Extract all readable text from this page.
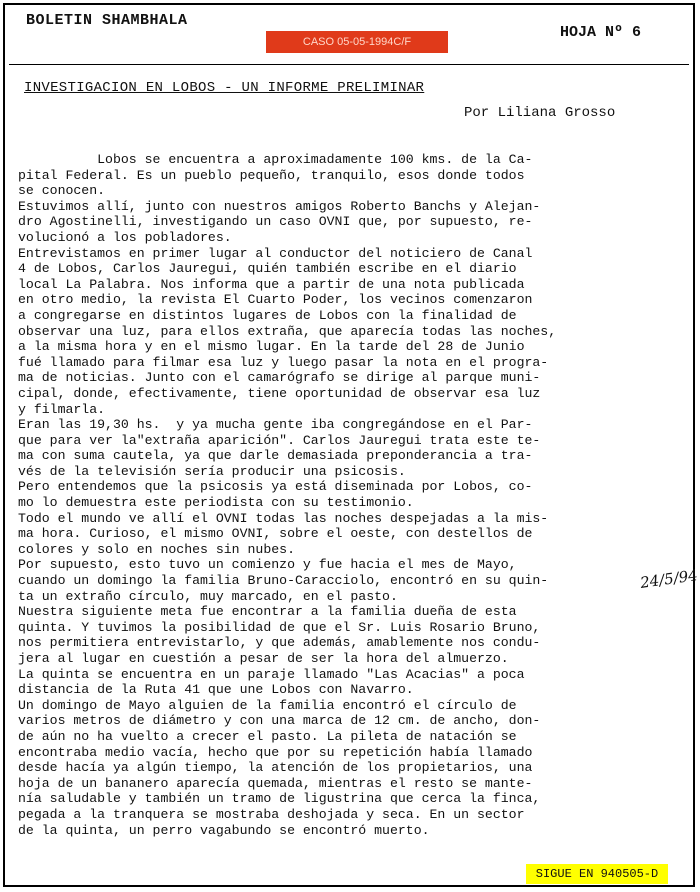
BOLETIN SHAMBHALA
CASO 05-05-1994C/F
HOJA Nº 6
INVESTIGACION EN LOBOS - UN INFORME PRELIMINAR
Por Liliana Grosso
Lobos se encuentra a aproximadamente 100 kms. de la Ca-
pital Federal. Es un pueblo pequeño, tranquilo, esos donde todos
se conocen.
Estuvimos allí, junto con nuestros amigos Roberto Banchs y Alejan-
dro Agostinelli, investigando un caso OVNI que, por supuesto, re-
volucionó a los pobladores.
Entrevistamos en primer lugar al conductor del noticiero de Canal
4 de Lobos, Carlos Jauregui, quién también escribe en el diario
local La Palabra. Nos informa que a partir de una nota publicada
en otro medio, la revista El Cuarto Poder, los vecinos comenzaron
a congregarse en distintos lugares de Lobos con la finalidad de
observar una luz, para ellos extraña, que aparecía todas las noches,
a la misma hora y en el mismo lugar. En la tarde del 28 de Junio
fué llamado para filmar esa luz y luego pasar la nota en el progra-
ma de noticias. Junto con el camarógrafo se dirige al parque muni-
cipal, donde, efectivamente, tiene oportunidad de observar esa luz
y filmarla.
Eran las 19,30 hs.  y ya mucha gente iba congregándose en el Par-
que para ver la"extraña aparición". Carlos Jauregui trata este te-
ma con suma cautela, ya que darle demasiada preponderancia a tra-
vés de la televisión sería producir una psicosis.
Pero entendemos que la psicosis ya está diseminada por Lobos, co-
mo lo demuestra este periodista con su testimonio.
Todo el mundo ve allí el OVNI todas las noches despejadas a la mis-
ma hora. Curioso, el mismo OVNI, sobre el oeste, con destellos de
colores y solo en noches sin nubes.
Por supuesto, esto tuvo un comienzo y fue hacia el mes de Mayo,
cuando un domingo la familia Bruno-Caracciolo, encontró en su quin-
ta un extraño círculo, muy marcado, en el pasto.
Nuestra siguiente meta fue encontrar a la familia dueña de esta
quinta. Y tuvimos la posibilidad de que el Sr. Luis Rosario Bruno,
nos permitiera entrevistarlo, y que además, amablemente nos condu-
jera al lugar en cuestión a pesar de ser la hora del almuerzo.
La quinta se encuentra en un paraje llamado "Las Acacias" a poca
distancia de la Ruta 41 que une Lobos con Navarro.
Un domingo de Mayo alguien de la familia encontró el círculo de
varios metros de diámetro y con una marca de 12 cm. de ancho, don-
de aún no ha vuelto a crecer el pasto. La pileta de natación se
encontraba medio vacía, hecho que por su repetición había llamado
desde hacía ya algún tiempo, la atención de los propietarios, una
hoja de un bananero aparecía quemada, mientras el resto se mante-
nía saludable y también un tramo de ligustrina que cerca la finca,
pegada a la tranquera se mostraba deshojada y seca. En un sector
de la quinta, un perro vagabundo se encontró muerto.
24/5/94
SIGUE EN 940505-D
